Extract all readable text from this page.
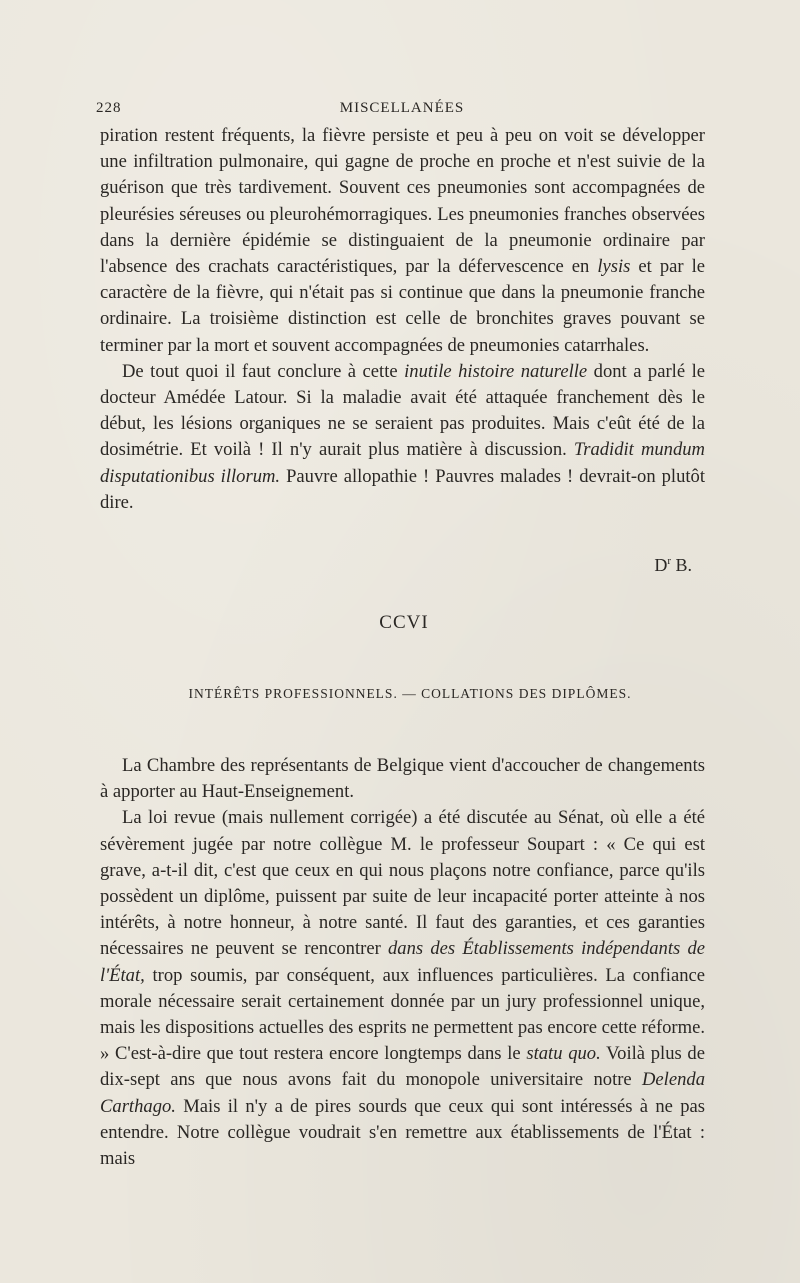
228	MISCELLANÉES

piration restent fréquents, la fièvre persiste et peu à peu on voit se développer une infiltration pulmonaire, qui gagne de proche en proche et n'est suivie de la guérison que très tardivement. Souvent ces pneumonies sont accompagnées de pleurésies séreuses ou pleurohémorragiques. Les pneumonies franches observées dans la dernière épidémie se distinguaient de la pneumonie ordinaire par l'absence des crachats caractéristiques, par la défervescence en lysis et par le caractère de la fièvre, qui n'était pas si continue que dans la pneumonie franche ordinaire. La troisième distinction est celle de bronchites graves pouvant se terminer par la mort et souvent accompagnées de pneumonies catarrhales.

De tout quoi il faut conclure à cette inutile histoire naturelle dont a parlé le docteur Amédée Latour. Si la maladie avait été attaquée franchement dès le début, les lésions organiques ne se seraient pas produites. Mais c'eût été de la dosimétrie. Et voilà ! Il n'y aurait plus matière à discussion. Tradidit mundum disputationibus illorum. Pauvre allopathie ! Pauvres malades ! devrait-on plutôt dire.

$D^r$ B.
CCVI
INTÉRÊTS PROFESSIONNELS. — COLLATIONS DES DIPLÔMES.

La Chambre des représentants de Belgique vient d'accoucher de changements à apporter au Haut-Enseignement.

La loi revue (mais nullement corrigée) a été discutée au Sénat, où elle a été sévèrement jugée par notre collègue M. le professeur Soupart : « Ce qui est grave, a-t-il dit, c'est que ceux en qui nous plaçons notre confiance, parce qu'ils possèdent un diplôme, puissent par suite de leur incapacité porter atteinte à nos intérêts, à notre honneur, à notre santé. Il faut des garanties, et ces garanties nécessaires ne peuvent se rencontrer dans des Établissements indépendants de l'État, trop soumis, par conséquent, aux influences particulières. La confiance morale nécessaire serait certainement donnée par un jury professionnel unique, mais les dispositions actuelles des esprits ne permettent pas encore cette réforme. » C'est-à-dire que tout restera encore longtemps dans le statu quo. Voilà plus de dix-sept ans que nous avons fait du monopole universitaire notre Delenda Carthago. Mais il n'y a de pires sourds que ceux qui sont intéressés à ne pas entendre. Notre collègue voudrait s'en remettre aux établissements de l'État : mais
